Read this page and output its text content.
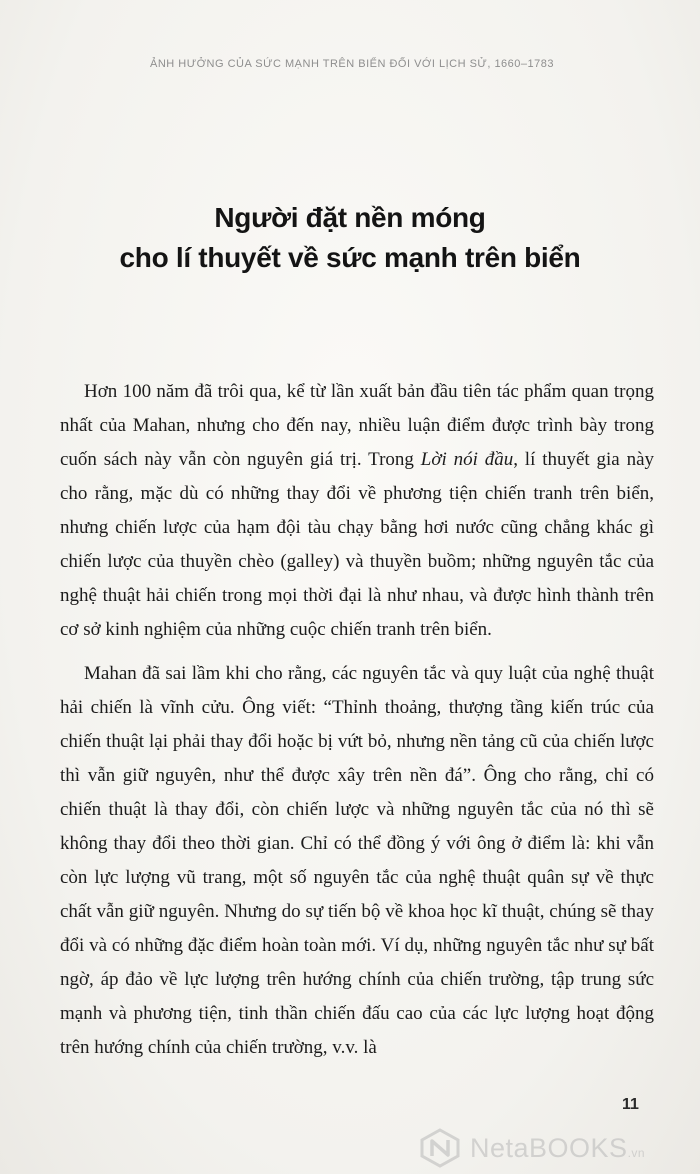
ẢNH HƯỞNG CỦA SỨC MẠNH TRÊN BIỂN ĐỐI VỚI LỊCH SỬ, 1660–1783
Người đặt nền móng
cho lí thuyết về sức mạnh trên biển

Hơn 100 năm đã trôi qua, kể từ lần xuất bản đầu tiên tác phẩm quan trọng nhất của Mahan, nhưng cho đến nay, nhiều luận điểm được trình bày trong cuốn sách này vẫn còn nguyên giá trị. Trong Lời nói đầu, lí thuyết gia này cho rằng, mặc dù có những thay đổi về phương tiện chiến tranh trên biển, nhưng chiến lược của hạm đội tàu chạy bằng hơi nước cũng chẳng khác gì chiến lược của thuyền chèo (galley) và thuyền buồm; những nguyên tắc của nghệ thuật hải chiến trong mọi thời đại là như nhau, và được hình thành trên cơ sở kinh nghiệm của những cuộc chiến tranh trên biển.

Mahan đã sai lầm khi cho rằng, các nguyên tắc và quy luật của nghệ thuật hải chiến là vĩnh cửu. Ông viết: “Thỉnh thoảng, thượng tầng kiến trúc của chiến thuật lại phải thay đổi hoặc bị vứt bỏ, nhưng nền tảng cũ của chiến lược thì vẫn giữ nguyên, như thể được xây trên nền đá”. Ông cho rằng, chỉ có chiến thuật là thay đổi, còn chiến lược và những nguyên tắc của nó thì sẽ không thay đổi theo thời gian. Chỉ có thể đồng ý với ông ở điểm là: khi vẫn còn lực lượng vũ trang, một số nguyên tắc của nghệ thuật quân sự về thực chất vẫn giữ nguyên. Nhưng do sự tiến bộ về khoa học kĩ thuật, chúng sẽ thay đổi và có những đặc điểm hoàn toàn mới. Ví dụ, những nguyên tắc như sự bất ngờ, áp đảo về lực lượng trên hướng chính của chiến trường, tập trung sức mạnh và phương tiện, tinh thần chiến đấu cao của các lực lượng hoạt động trên hướng chính của chiến trường, v.v. là

11
NetaBOOKS.vn
